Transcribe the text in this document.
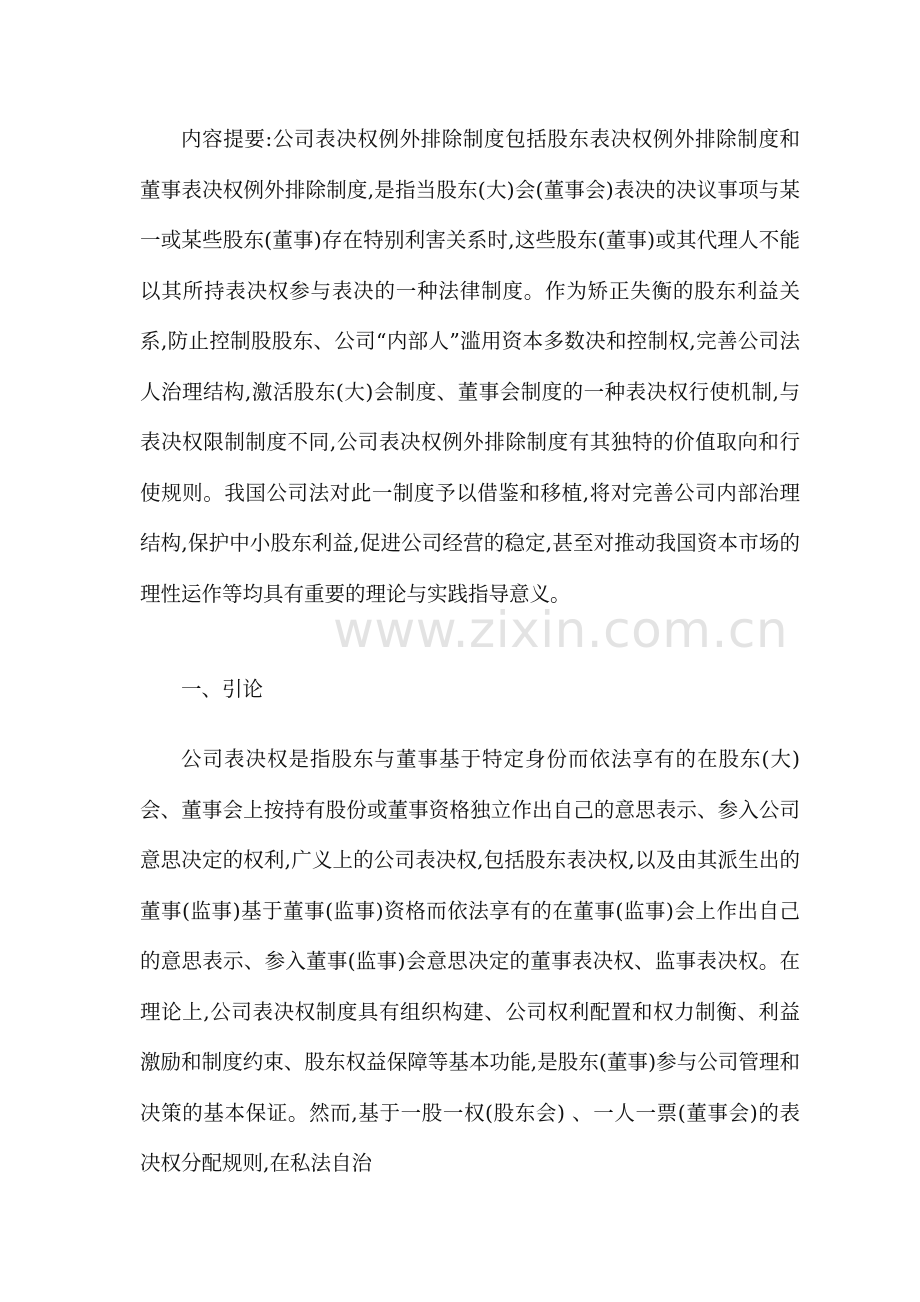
内容提要:公司表决权例外排除制度包括股东表决权例外排除制度和董事表决权例外排除制度,是指当股东(大)会(董事会)表决的决议事项与某一或某些股东(董事)存在特别利害关系时,这些股东(董事)或其代理人不能以其所持表决权参与表决的一种法律制度。作为矫正失衡的股东利益关系,防止控制股股东、公司“内部人”滥用资本多数决和控制权,完善公司法人治理结构,激活股东(大)会制度、董事会制度的一种表决权行使机制,与表决权限制制度不同,公司表决权例外排除制度有其独特的价值取向和行使规则。我国公司法对此一制度予以借鉴和移植,将对完善公司内部治理结构,保护中小股东利益,促进公司经营的稳定,甚至对推动我国资本市场的理性运作等均具有重要的理论与实践指导意义。

一、引论

公司表决权是指股东与董事基于特定身份而依法享有的在股东(大)会、董事会上按持有股份或董事资格独立作出自己的意思表示、参入公司意思决定的权利,广义上的公司表决权,包括股东表决权,以及由其派生出的董事(监事)基于董事(监事)资格而依法享有的在董事(监事)会上作出自己的意思表示、参入董事(监事)会意思决定的董事表决权、监事表决权。在理论上,公司表决权制度具有组织构建、公司权利配置和权力制衡、利益激励和制度约束、股东权益保障等基本功能,是股东(董事)参与公司管理和决策的基本保证。然而,基于一股一权(股东会) 、一人一票(董事会)的表决权分配规则,在私法自治

www.zixin.com.cn
